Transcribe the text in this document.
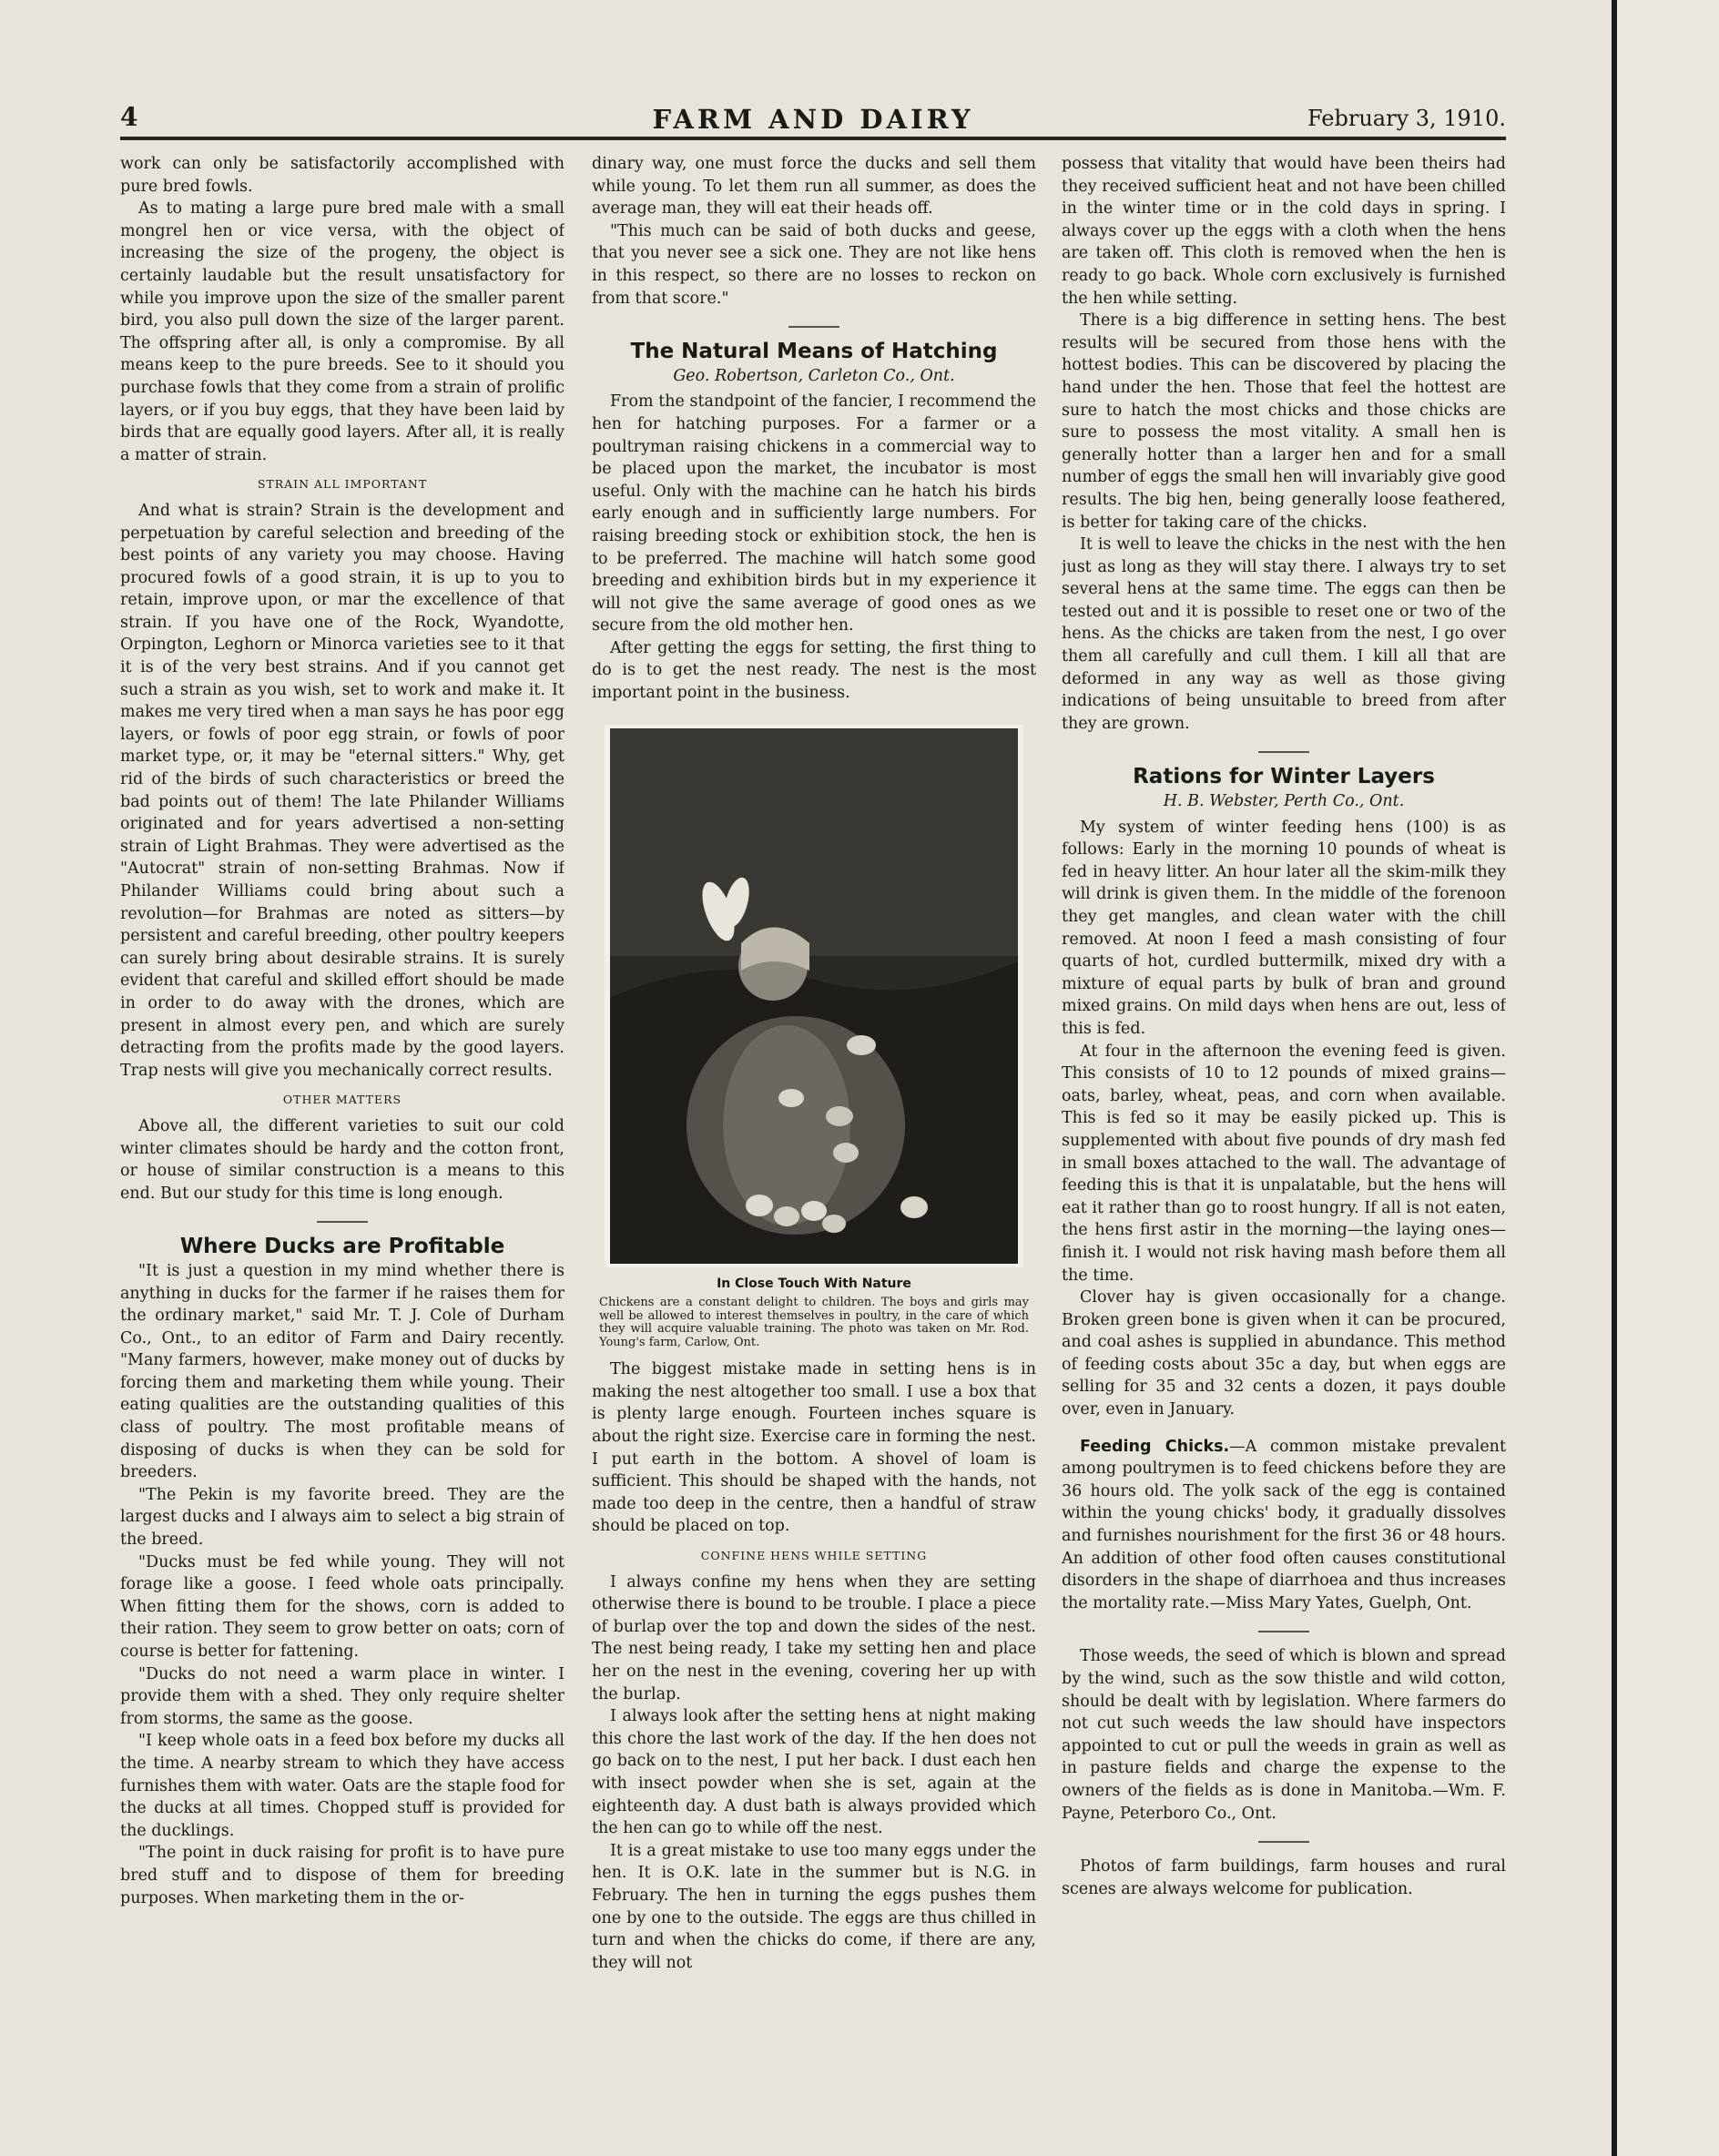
4	FARM AND DAIRY	February 3, 1910.

work can only be satisfactorily accomplished with pure bred fowls.

As to mating a large pure bred male with a small mongrel hen or vice versa, with the object of increasing the size of the progeny, the object is certainly laudable but the result unsatisfactory for while you improve upon the size of the smaller parent bird, you also pull down the size of the larger parent. The offspring after all, is only a compromise. By all means keep to the pure breeds. See to it should you purchase fowls that they come from a strain of prolific layers, or if you buy eggs, that they have been laid by birds that are equally good layers. After all, it is really a matter of strain.

STRAIN ALL IMPORTANT

And what is strain? Strain is the development and perpetuation by careful selection and breeding of the best points of any variety you may choose. Having procured fowls of a good strain, it is up to you to retain, improve upon, or mar the excellence of that strain. If you have one of the Rock, Wyandotte, Orpington, Leghorn or Minorca varieties see to it that it is of the very best strains. And if you cannot get such a strain as you wish, set to work and make it. It makes me very tired when a man says he has poor egg layers, or fowls of poor egg strain, or fowls of poor market type, or, it may be "eternal sitters." Why, get rid of the birds of such characteristics or breed the bad points out of them! The late Philander Williams originated and for years advertised a non-setting strain of Light Brahmas. They were advertised as the "Autocrat" strain of non-setting Brahmas. Now if Philander Williams could bring about such a revolution—for Brahmas are noted as sitters—by persistent and careful breeding, other poultry keepers can surely bring about desirable strains. It is surely evident that careful and skilled effort should be made in order to do away with the drones, which are present in almost every pen, and which are surely detracting from the profits made by the good layers. Trap nests will give you mechanically correct results.

OTHER MATTERS

Above all, the different varieties to suit our cold winter climates should be hardy and the cotton front, or house of similar construction is a means to this end. But our study for this time is long enough.

Where Ducks are Profitable

"It is just a question in my mind whether there is anything in ducks for the farmer if he raises them for the ordinary market," said Mr. T. J. Cole of Durham Co., Ont., to an editor of Farm and Dairy recently. "Many farmers, however, make money out of ducks by forcing them and marketing them while young. Their eating qualities are the outstanding qualities of this class of poultry. The most profitable means of disposing of ducks is when they can be sold for breeders.

"The Pekin is my favorite breed. They are the largest ducks and I always aim to select a big strain of the breed.

"Ducks must be fed while young. They will not forage like a goose. I feed whole oats principally. When fitting them for the shows, corn is added to their ration. They seem to grow better on oats; corn of course is better for fattening.

"Ducks do not need a warm place in winter. I provide them with a shed. They only require shelter from storms, the same as the goose.

"I keep whole oats in a feed box before my ducks all the time. A nearby stream to which they have access furnishes them with water. Oats are the staple food for the ducks at all times. Chopped stuff is provided for the ducklings.

"The point in duck raising for profit is to have pure bred stuff and to dispose of them for breeding purposes. When marketing them in the or-

dinary way, one must force the ducks and sell them while young. To let them run all summer, as does the average man, they will eat their heads off.

"This much can be said of both ducks and geese, that you never see a sick one. They are not like hens in this respect, so there are no losses to reckon on from that score."

The Natural Means of Hatching
Geo. Robertson, Carleton Co., Ont.

From the standpoint of the fancier, I recommend the hen for hatching purposes. For a farmer or a poultryman raising chickens in a commercial way to be placed upon the market, the incubator is most useful. Only with the machine can he hatch his birds early enough and in sufficiently large numbers. For raising breeding stock or exhibition stock, the hen is to be preferred. The machine will hatch some good breeding and exhibition birds but in my experience it will not give the same average of good ones as we secure from the old mother hen.

After getting the eggs for setting, the first thing to do is to get the nest ready. The nest is the most important point in the business.

In Close Touch With Nature

Chickens are a constant delight to children. The boys and girls may well be allowed to interest themselves in poultry, in the care of which they will acquire valuable training. The photo was taken on Mr. Rod. Young's farm, Carlow, Ont.

The biggest mistake made in setting hens is in making the nest altogether too small. I use a box that is plenty large enough. Fourteen inches square is about the right size. Exercise care in forming the nest. I put earth in the bottom. A shovel of loam is sufficient. This should be shaped with the hands, not made too deep in the centre, then a handful of straw should be placed on top.

CONFINE HENS WHILE SETTING

I always confine my hens when they are setting otherwise there is bound to be trouble. I place a piece of burlap over the top and down the sides of the nest. The nest being ready, I take my setting hen and place her on the nest in the evening, covering her up with the burlap.

I always look after the setting hens at night making this chore the last work of the day. If the hen does not go back on to the nest, I put her back. I dust each hen with insect powder when she is set, again at the eighteenth day. A dust bath is always provided which the hen can go to while off the nest.

It is a great mistake to use too many eggs under the hen. It is O.K. late in the summer but is N.G. in February. The hen in turning the eggs pushes them one by one to the outside. The eggs are thus chilled in turn and when the chicks do come, if there are any, they will not

possess that vitality that would have been theirs had they received sufficient heat and not have been chilled in the winter time or in the cold days in spring. I always cover up the eggs with a cloth when the hens are taken off. This cloth is removed when the hen is ready to go back. Whole corn exclusively is furnished the hen while setting.

There is a big difference in setting hens. The best results will be secured from those hens with the hottest bodies. This can be discovered by placing the hand under the hen. Those that feel the hottest are sure to hatch the most chicks and those chicks are sure to possess the most vitality. A small hen is generally hotter than a larger hen and for a small number of eggs the small hen will invariably give good results. The big hen, being generally loose feathered, is better for taking care of the chicks.

It is well to leave the chicks in the nest with the hen just as long as they will stay there. I always try to set several hens at the same time. The eggs can then be tested out and it is possible to reset one or two of the hens. As the chicks are taken from the nest, I go over them all carefully and cull them. I kill all that are deformed in any way as well as those giving indications of being unsuitable to breed from after they are grown.

Rations for Winter Layers
H. B. Webster, Perth Co., Ont.

My system of winter feeding hens (100) is as follows: Early in the morning 10 pounds of wheat is fed in heavy litter. An hour later all the skim-milk they will drink is given them. In the middle of the forenoon they get mangles, and clean water with the chill removed. At noon I feed a mash consisting of four quarts of hot, curdled buttermilk, mixed dry with a mixture of equal parts by bulk of bran and ground mixed grains. On mild days when hens are out, less of this is fed.

At four in the afternoon the evening feed is given. This consists of 10 to 12 pounds of mixed grains—oats, barley, wheat, peas, and corn when available. This is fed so it may be easily picked up. This is supplemented with about five pounds of dry mash fed in small boxes attached to the wall. The advantage of feeding this is that it is unpalatable, but the hens will eat it rather than go to roost hungry. If all is not eaten, the hens first astir in the morning—the laying ones—finish it. I would not risk having mash before them all the time.

Clover hay is given occasionally for a change. Broken green bone is given when it can be procured, and coal ashes is supplied in abundance. This method of feeding costs about 35c a day, but when eggs are selling for 35 and 32 cents a dozen, it pays double over, even in January.

Feeding Chicks.—A common mistake prevalent among poultrymen is to feed chickens before they are 36 hours old. The yolk sack of the egg is contained within the young chicks' body, it gradually dissolves and furnishes nourishment for the first 36 or 48 hours. An addition of other food often causes constitutional disorders in the shape of diarrhoea and thus increases the mortality rate.—Miss Mary Yates, Guelph, Ont.

Those weeds, the seed of which is blown and spread by the wind, such as the sow thistle and wild cotton, should be dealt with by legislation. Where farmers do not cut such weeds the law should have inspectors appointed to cut or pull the weeds in grain as well as in pasture fields and charge the expense to the owners of the fields as is done in Manitoba.—Wm. F. Payne, Peterboro Co., Ont.

Photos of farm buildings, farm houses and rural scenes are always welcome for publication.
